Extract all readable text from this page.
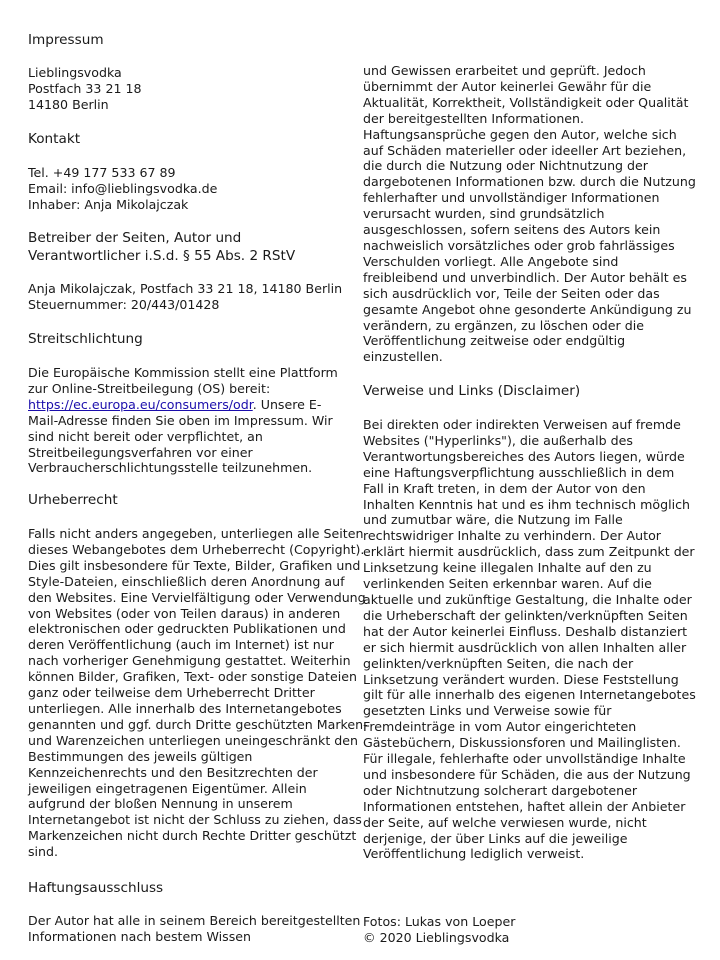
Impressum
Lieblingsvodka
Postfach 33 21 18
14180 Berlin
Kontakt
Tel. +49 177 533 67 89
Email: info@lieblingsvodka.de
Inhaber: Anja Mikolajczak
Betreiber der Seiten, Autor und
Verantwortlicher i.S.d. § 55 Abs. 2 RStV
Anja Mikolajczak, Postfach 33 21 18, 14180 Berlin
Steuernummer: 20/443/01428
Streitschlichtung
Die Europäische Kommission stellt eine Plattform zur Online-Streitbeilegung (OS) bereit: https://ec.europa.eu/consumers/odr. Unsere E-Mail-Adresse finden Sie oben im Impressum. Wir sind nicht bereit oder verpflichtet, an Streitbeilegungsverfahren vor einer Verbraucherschlichtungsstelle teilzunehmen.
Urheberrecht
Falls nicht anders angegeben, unterliegen alle Seiten dieses Webangebotes dem Urheberrecht (Copyright). Dies gilt insbesondere für Texte, Bilder, Grafiken und Style-Dateien, einschließlich deren Anordnung auf den Websites. Eine Vervielfältigung oder Verwendung von Websites (oder von Teilen daraus) in anderen elektronischen oder gedruckten Publikationen und deren Veröffentlichung (auch im Internet) ist nur nach vorheriger Genehmigung gestattet. Weiterhin können Bilder, Grafiken, Text- oder sonstige Dateien ganz oder teilweise dem Urheberrecht Dritter unterliegen. Alle innerhalb des Internetangebotes genannten und ggf. durch Dritte geschützten Marken- und Warenzeichen unterliegen uneingeschränkt den Bestimmungen des jeweils gültigen Kennzeichenrechts und den Besitzrechten der jeweiligen eingetragenen Eigentümer. Allein aufgrund der bloßen Nennung in unserem Internetangebot ist nicht der Schluss zu ziehen, dass Markenzeichen nicht durch Rechte Dritter geschützt sind.
Haftungsausschluss
Der Autor hat alle in seinem Bereich bereitgestellten Informationen nach bestem Wissen
und Gewissen erarbeitet und geprüft. Jedoch übernimmt der Autor keinerlei Gewähr für die Aktualität, Korrektheit, Vollständigkeit oder Qualität der bereitgestellten Informationen. Haftungsansprüche gegen den Autor, welche sich auf Schäden materieller oder ideeller Art beziehen, die durch die Nutzung oder Nichtnutzung der dargebotenen Informationen bzw. durch die Nutzung fehlerhafter und unvollständiger Informationen verursacht wurden, sind grundsätzlich ausgeschlossen, sofern seitens des Autors kein nachweislich vorsätzliches oder grob fahrlässiges Verschulden vorliegt. Alle Angebote sind freibleibend und unverbindlich. Der Autor behält es sich ausdrücklich vor, Teile der Seiten oder das gesamte Angebot ohne gesonderte Ankündigung zu verändern, zu ergänzen, zu löschen oder die Veröffentlichung zeitweise oder endgültig einzustellen.
Verweise und Links (Disclaimer)
Bei direkten oder indirekten Verweisen auf fremde Websites ("Hyperlinks"), die außerhalb des Verantwortungsbereiches des Autors liegen, würde eine Haftungsverpflichtung ausschließlich in dem Fall in Kraft treten, in dem der Autor von den Inhalten Kenntnis hat und es ihm technisch möglich und zumutbar wäre, die Nutzung im Falle rechtswidriger Inhalte zu verhindern. Der Autor erklärt hiermit ausdrücklich, dass zum Zeitpunkt der Linksetzung keine illegalen Inhalte auf den zu verlinkenden Seiten erkennbar waren. Auf die aktuelle und zukünftige Gestaltung, die Inhalte oder die Urheberschaft der gelinkten/verknüpften Seiten hat der Autor keinerlei Einfluss. Deshalb distanziert er sich hiermit ausdrücklich von allen Inhalten aller gelinkten/verknüpften Seiten, die nach der Linksetzung verändert wurden. Diese Feststellung gilt für alle innerhalb des eigenen Internetangebotes gesetzten Links und Verweise sowie für Fremdeinträge in vom Autor eingerichteten Gästebüchern, Diskussionsforen und Mailinglisten. Für illegale, fehlerhafte oder unvollständige Inhalte und insbesondere für Schäden, die aus der Nutzung oder Nichtnutzung solcherart dargebotener Informationen entstehen, haftet allein der Anbieter der Seite, auf welche verwiesen wurde, nicht derjenige, der über Links auf die jeweilige Veröffentlichung lediglich verweist.
Fotos: Lukas von Loeper
© 2020 Lieblingsvodka
